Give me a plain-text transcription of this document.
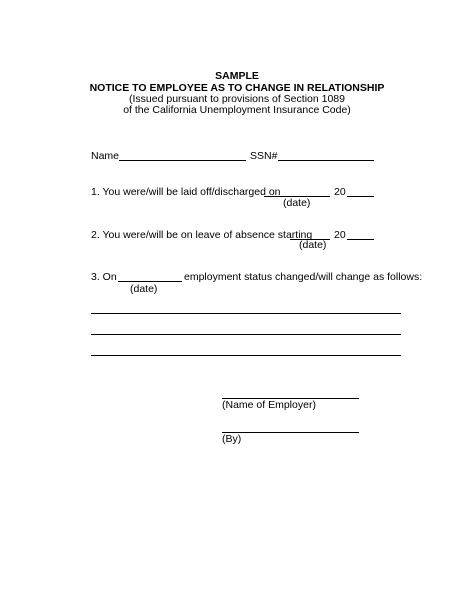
SAMPLE
NOTICE TO EMPLOYEE AS TO CHANGE IN RELATIONSHIP
(Issued pursuant to provisions of Section 1089
of the California Unemployment Insurance Code)
Name	SSN#
1. You were/will be laid off/discharged on	20
(date)
2. You were/will be on leave of absence starting 20
(date)
3. On	employment status changed/will change as follows:
(date)
(Name of Employer)
(By)
